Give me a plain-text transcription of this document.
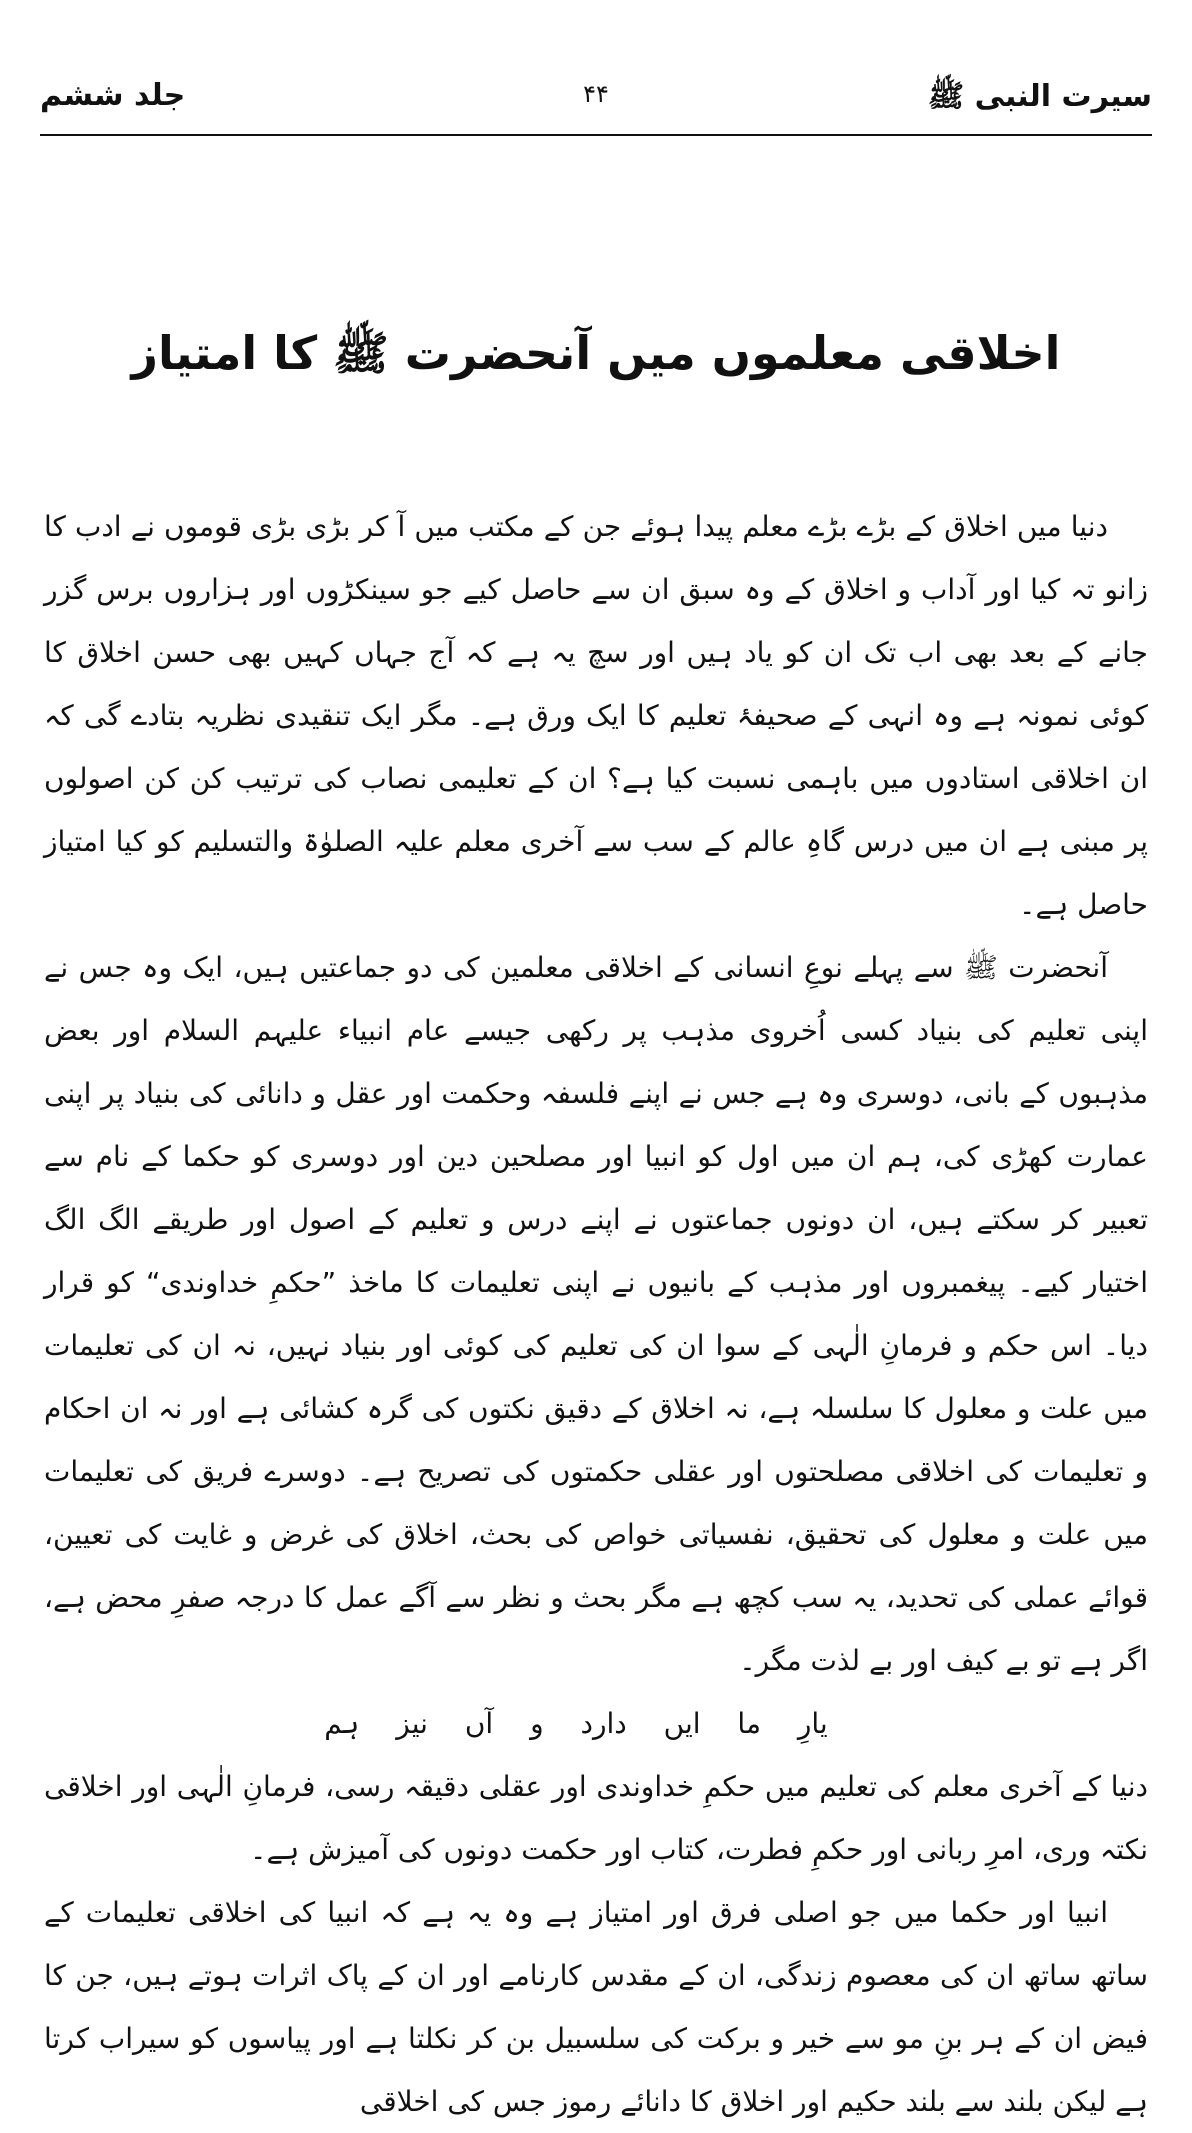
سیرت النبی ﷺ
۴۴
جلد ششم
اخلاقی معلموں میں آنحضرت ﷺ کا امتیاز

دنیا میں اخلاق کے بڑے بڑے معلم پیدا ہوئے جن کے مکتب میں آ کر بڑی بڑی قوموں نے ادب کا زانو تہ کیا اور آداب و اخلاق کے وہ سبق ان سے حاصل کیے جو سینکڑوں اور ہزاروں برس گزر جانے کے بعد بھی اب تک ان کو یاد ہیں اور سچ یہ ہے کہ آج جہاں کہیں بھی حسن اخلاق کا کوئی نمونہ ہے وہ انہی کے صحیفۂ تعلیم کا ایک ورق ہے۔ مگر ایک تنقیدی نظریہ بتادے گی کہ ان اخلاقی استادوں میں باہمی نسبت کیا ہے؟ ان کے تعلیمی نصاب کی ترتیب کن کن اصولوں پر مبنی ہے ان میں درس گاہِ عالم کے سب سے آخری معلم علیہ الصلوٰۃ والتسلیم کو کیا امتیاز حاصل ہے۔

آنحضرت ﷺ سے پہلے نوعِ انسانی کے اخلاقی معلمین کی دو جماعتیں ہیں، ایک وہ جس نے اپنی تعلیم کی بنیاد کسی اُخروی مذہب پر رکھی جیسے عام انبیاء علیہم السلام اور بعض مذہبوں کے بانی، دوسری وہ ہے جس نے اپنے فلسفہ وحکمت اور عقل و دانائی کی بنیاد پر اپنی عمارت کھڑی کی، ہم ان میں اول کو انبیا اور مصلحین دین اور دوسری کو حکما کے نام سے تعبیر کر سکتے ہیں، ان دونوں جماعتوں نے اپنے درس و تعلیم کے اصول اور طریقے الگ الگ اختیار کیے۔ پیغمبروں اور مذہب کے بانیوں نے اپنی تعلیمات کا ماخذ ”حکمِ خداوندی“ کو قرار دیا۔ اس حکم و فرمانِ الٰہی کے سوا ان کی تعلیم کی کوئی اور بنیاد نہیں، نہ ان کی تعلیمات میں علت و معلول کا سلسلہ ہے، نہ اخلاق کے دقیق نکتوں کی گرہ کشائی ہے اور نہ ان احکام و تعلیمات کی اخلاقی مصلحتوں اور عقلی حکمتوں کی تصریح ہے۔ دوسرے فریق کی تعلیمات میں علت و معلول کی تحقیق، نفسیاتی خواص کی بحث، اخلاق کی غرض و غایت کی تعیین، قوائے عملی کی تحدید، یہ سب کچھ ہے مگر بحث و نظر سے آگے عمل کا درجہ صفرِ محض ہے، اگر ہے تو بے کیف اور بے لذت مگر۔

یارِ ما ایں دارد و آں نیز ہم

دنیا کے آخری معلم کی تعلیم میں حکمِ خداوندی اور عقلی دقیقہ رسی، فرمانِ الٰہی اور اخلاقی نکتہ وری، امرِ ربانی اور حکمِ فطرت، کتاب اور حکمت دونوں کی آمیزش ہے۔

انبیا اور حکما میں جو اصلی فرق اور امتیاز ہے وہ یہ ہے کہ انبیا کی اخلاقی تعلیمات کے ساتھ ساتھ ان کی معصوم زندگی، ان کے مقدس کارنامے اور ان کے پاک اثرات ہوتے ہیں، جن کا فیض ان کے ہر بنِ مو سے خیر و برکت کی سلسبیل بن کر نکلتا ہے اور پیاسوں کو سیراب کرتا ہے لیکن بلند سے بلند حکیم اور اخلاق کا دانائے رموز جس کی اخلاقی
